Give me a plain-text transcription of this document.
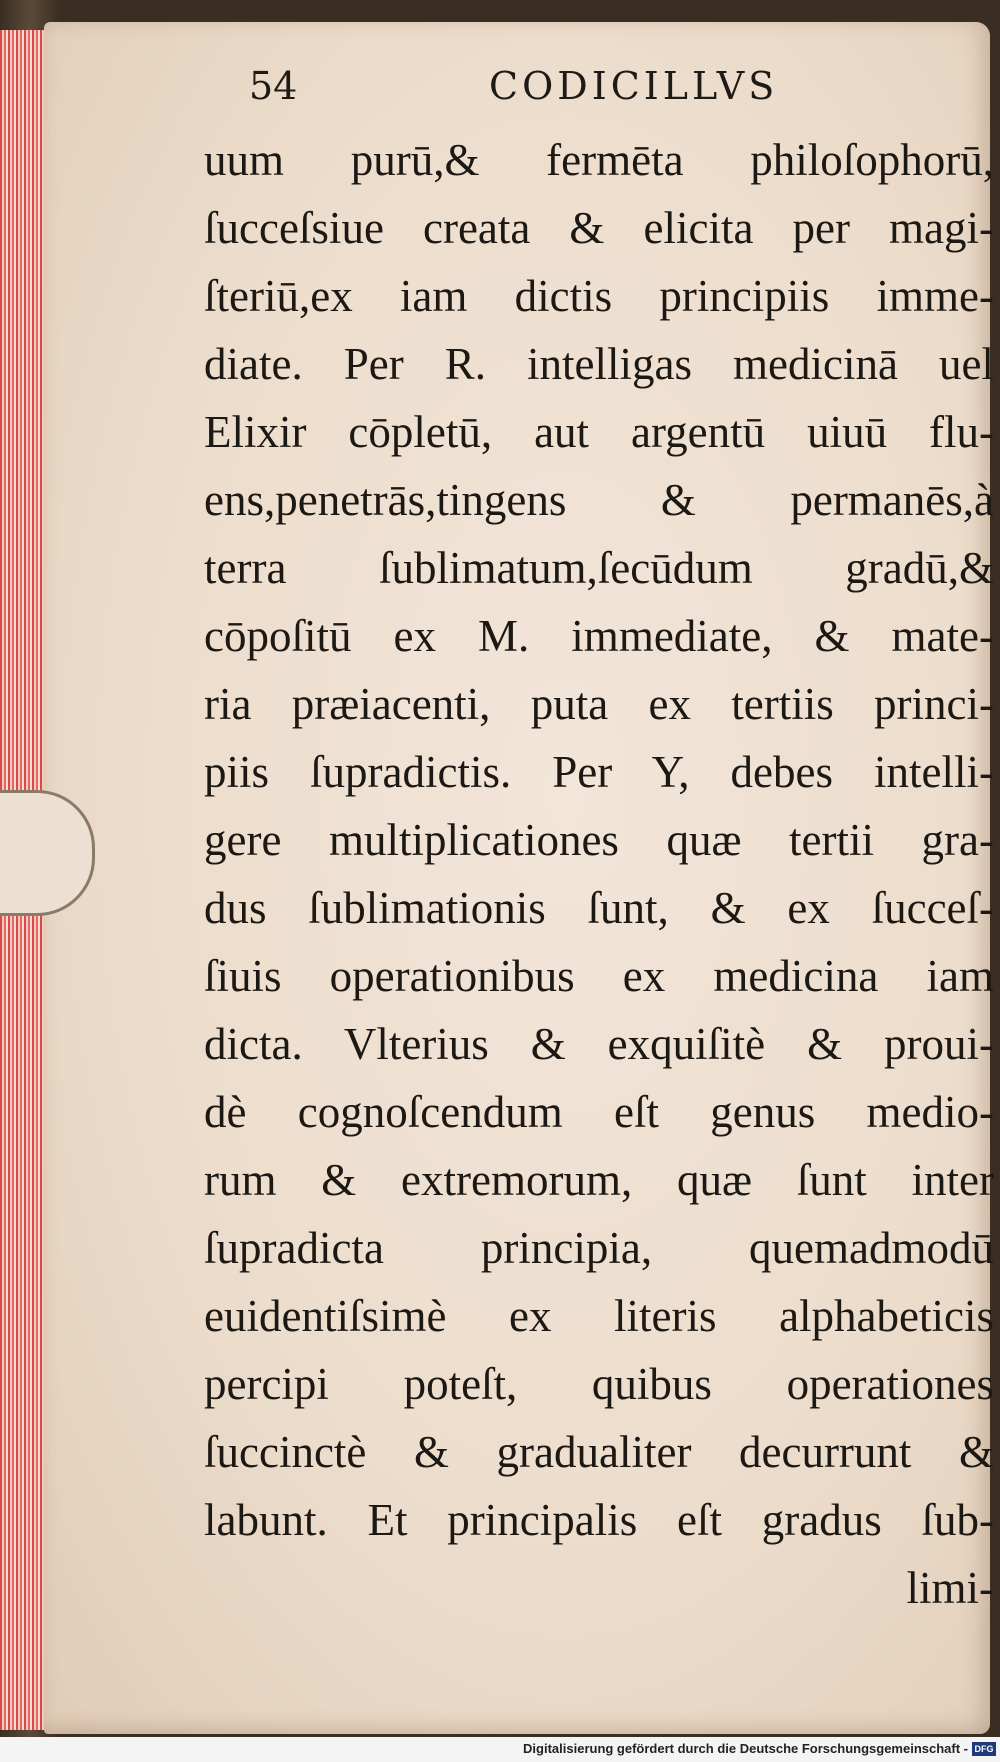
54	CODICILLVS
uum purū,& fermēta philoſophorū,
ſucceſsiue creata & elicita per magi-
ſteriū,ex iam dictis principiis imme-
diate. Per R. intelligas medicinā uel
Elixir cōpletū, aut argentū uiuū flu-
ens,penetrās,tingens & permanēs,à
terra ſublimatum,ſecūdum gradū,&
cōpoſitū ex M. immediate, & mate-
ria præiacenti, puta ex tertiis princi-
piis ſupradictis. Per Y, debes intelli-
gere multiplicationes quæ tertii gra-
dus ſublimationis ſunt, & ex ſucceſ-
ſiuis operationibus ex medicina iam
dicta. Vlterius & exquiſitè & proui-
dè cognoſcendum eſt genus medio-
rum & extremorum, quæ ſunt inter
ſupradicta principia, quemadmodū
euidentiſsimè ex literis alphabeticis
percipi poteſt, quibus operationes
ſuccinctè & gradualiter decurrunt &
labunt. Et principalis eſt gradus ſub-
limi-
Digitalisierung gefördert durch die Deutsche Forschungsgemeinschaft - DFG
